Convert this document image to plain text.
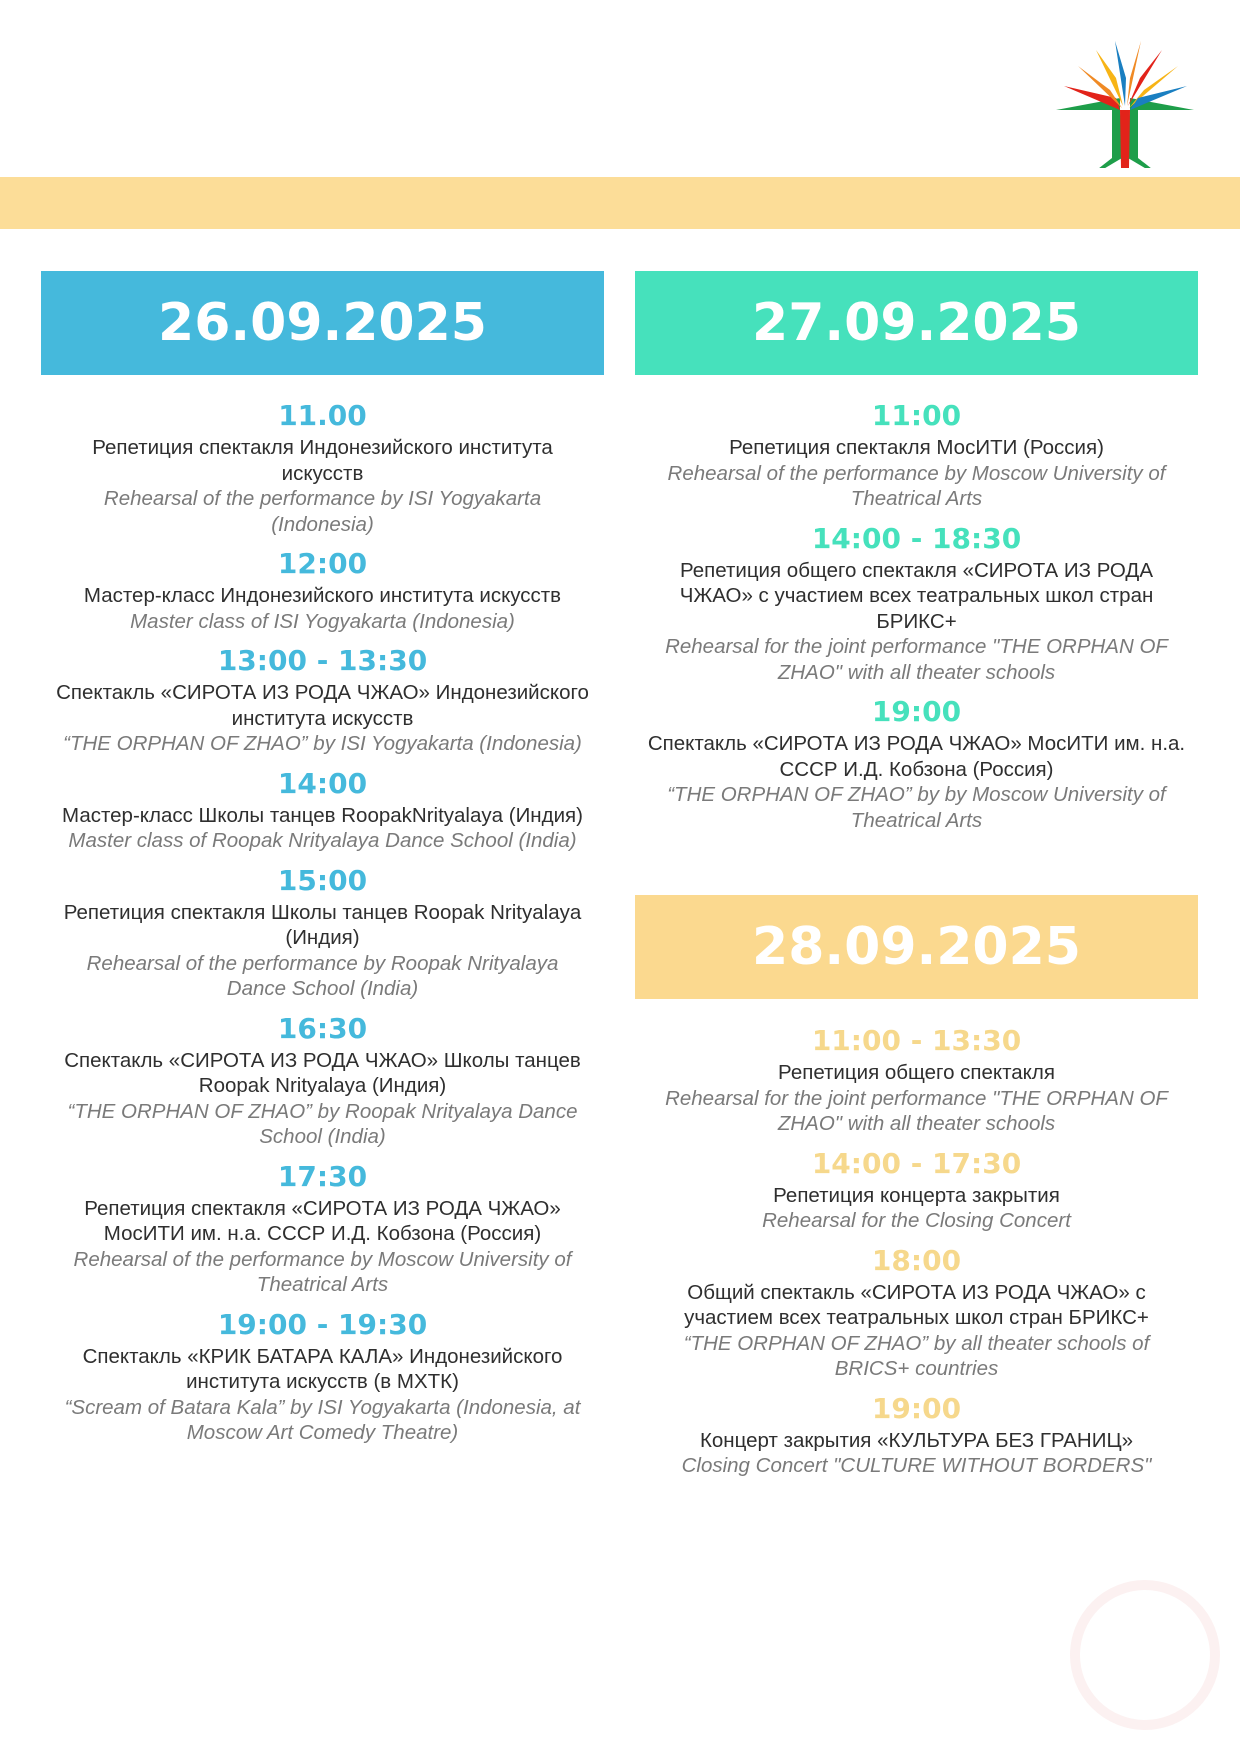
26.09.2025	27.09.2025
28.09.2025
11.00
Репетиция спектакля Индонезийского института
искусств
Rehearsal of the performance by ISI Yogyakarta
(Indonesia)
12:00
Мастер-класс Индонезийского института искусств
Master class of ISI Yogyakarta (Indonesia)
13:00 - 13:30
Спектакль «СИРОТА ИЗ РОДА ЧЖАО» Индонезийского
института искусств
“THE ORPHAN OF ZHAO” by ISI Yogyakarta (Indonesia)
14:00
Мастер-класс Школы танцев RoopakNrityalaya (Индия)
Master class of Roopak Nrityalaya Dance School (India)
15:00
Репетиция спектакля Школы танцев Roopak Nrityalaya
(Индия)
Rehearsal of the performance by Roopak Nrityalaya
Dance School (India)
16:30
Спектакль «СИРОТА ИЗ РОДА ЧЖАО» Школы танцев
Roopak Nrityalaya (Индия)
“THE ORPHAN OF ZHAO” by Roopak Nrityalaya Dance
School (India)
17:30
Репетиция спектакля «СИРОТА ИЗ РОДА ЧЖАО»
МосИТИ им. н.а. СССР И.Д. Кобзона (Россия)
Rehearsal of the performance by Moscow University of
Theatrical Arts
19:00 - 19:30
Спектакль «КРИК БАТАРА КАЛА» Индонезийского
института искусств (в МХТК)
“Scream of Batara Kala” by ISI Yogyakarta (Indonesia, at
Moscow Art Comedy Theatre)
11:00
Репетиция спектакля МосИТИ (Россия)
Rehearsal of the performance by Moscow University of
Theatrical Arts
14:00 - 18:30
Репетиция общего спектакля «СИРОТА ИЗ РОДА
ЧЖАО» с участием всех театральных школ стран
БРИКС+
Rehearsal for the joint performance "THE ORPHAN OF
ZHAO" with all theater schools
19:00
Спектакль «СИРОТА ИЗ РОДА ЧЖАО» МосИТИ им. н.а.
СССР И.Д. Кобзона (Россия)
“THE ORPHAN OF ZHAO” by by Moscow University of
Theatrical Arts
11:00 - 13:30
Репетиция общего спектакля
Rehearsal for the joint performance "THE ORPHAN OF
ZHAO" with all theater schools
14:00 - 17:30
Репетиция концерта закрытия
Rehearsal for the Closing Concert
18:00
Общий спектакль «СИРОТА ИЗ РОДА ЧЖАО» с
участием всех театральных школ стран БРИКС+
“THE ORPHAN OF ZHAO” by all theater schools of
BRICS+ countries
19:00
Концерт закрытия «КУЛЬТУРА БЕЗ ГРАНИЦ»
Closing Concert "CULTURE WITHOUT BORDERS"
